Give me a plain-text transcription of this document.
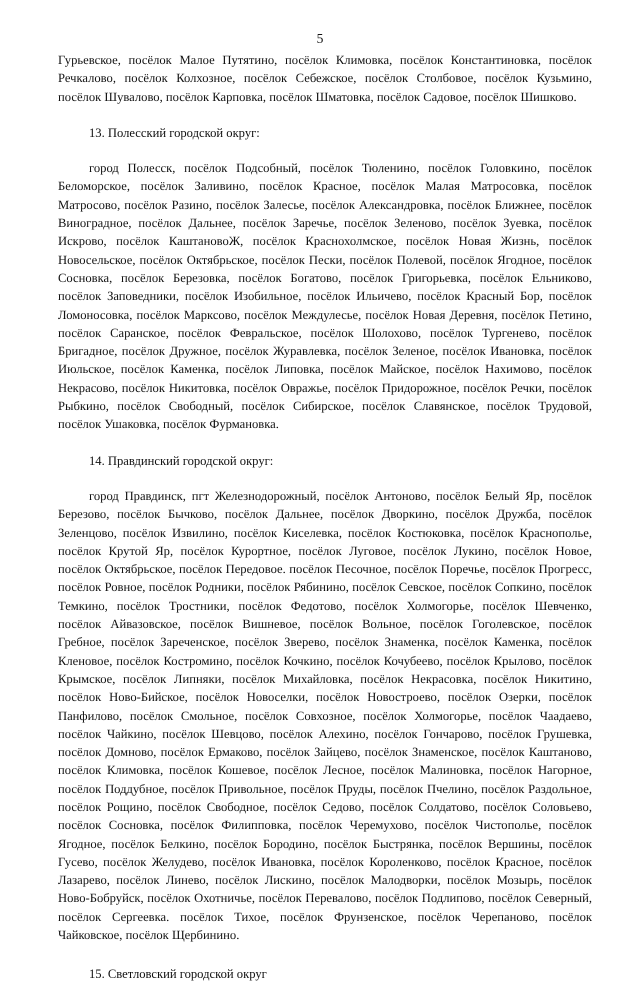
5

Гурьевское, посёлок Малое Путятино, посёлок Климовка, посёлок Константиновка, посёлок Речкалово, посёлок Колхозное, посёлок Себежское, посёлок Столбовое, посёлок Кузьмино, посёлок Шувалово, посёлок Карповка, посёлок Шматовка, посёлок Садовое, посёлок Шишково.

13. Полесский городской округ:

город Полесск, посёлок Подсобный, посёлок Тюленино, посёлок Головкино, посёлок Беломорское, посёлок Заливино, посёлок Красное, посёлок Малая Матросовка, посёлок Матросово, посёлок Разино, посёлок Залесье, посёлок Александровка, посёлок Ближнее, посёлок Виноградное, посёлок Дальнее, посёлок Заречье, посёлок Зеленово, посёлок Зуевка, посёлок Искрово, посёлок КаштановоЖ, посёлок Краснохолмское, посёлок Новая Жизнь, посёлок Новосельское, посёлок Октябрьское, посёлок Пески, посёлок Полевой, посёлок Ягодное, посёлок Сосновка, посёлок Березовка, посёлок Богатово, посёлок Григорьевка, посёлок Ельниково, посёлок Заповедники, посёлок Изобильное, посёлок Ильичево, посёлок Красный Бор, посёлок Ломоносовка, посёлок Марксово, посёлок Междулесье, посёлок Новая Деревня, посёлок Петино, посёлок Саранское, посёлок Февральское, посёлок Шолохово, посёлок Тургенево, посёлок Бригадное, посёлок Дружное, посёлок Журавлевка, посёлок Зеленое, посёлок Ивановка, посёлок Июльское, посёлок Каменка, посёлок Липовка, посёлок Майское, посёлок Нахимово, посёлок Некрасово, посёлок Никитовка, посёлок Овражье, посёлок Придорожное, посёлок Речки, посёлок Рыбкино, посёлок Свободный, посёлок Сибирское, посёлок Славянское, посёлок Трудовой, посёлок Ушаковка, посёлок Фурмановка.

14. Правдинский городской округ:

город Правдинск, пгт Железнодорожный, посёлок Антоново, посёлок Белый Яр, посёлок Березово, посёлок Бычково, посёлок Дальнее, посёлок Дворкино, посёлок Дружба, посёлок Зеленцово, посёлок Извилино, посёлок Киселевка, посёлок Костюковка, посёлок Краснополье, посёлок Крутой Яр, посёлок Курортное, посёлок Луговое, посёлок Лукино, посёлок Новое, посёлок Октябрьское, посёлок Передовое. посёлок Песочное, посёлок Поречье, посёлок Прогресс, посёлок Ровное, посёлок Родники, посёлок Рябинино, посёлок Севское, посёлок Сопкино, посёлок Темкино, посёлок Тростники, посёлок Федотово, посёлок Холмогорье, посёлок Шевченко, посёлок Айвазовское, посёлок Вишневое, посёлок Вольное, посёлок Гоголевское, посёлок Гребное, посёлок Зареченское, посёлок Зверево, посёлок Знаменка, посёлок Каменка, посёлок Кленовое, посёлок Костромино, посёлок Кочкино, посёлок Кочубеево, посёлок Крылово, посёлок Крымское, посёлок Липняки, посёлок Михайловка, посёлок Некрасовка, посёлок Никитино, посёлок Ново-Бийское, посёлок Новоселки, посёлок Новостроево, посёлок Озерки, посёлок Панфилово, посёлок Смольное, посёлок Совхозное, посёлок Холмогорье, посёлок Чаадаево, посёлок Чайкино, посёлок Шевцово, посёлок Алехино, посёлок Гончарово, посёлок Грушевка, посёлок Домново, посёлок Ермаково, посёлок Зайцево, посёлок Знаменское, посёлок Каштаново, посёлок Климовка, посёлок Кошевое, посёлок Лесное, посёлок Малиновка, посёлок Нагорное, посёлок Поддубное, посёлок Привольное, посёлок Пруды, посёлок Пчелино, посёлок Раздольное, посёлок Рощино, посёлок Свободное, посёлок Седово, посёлок Солдатово, посёлок Соловьево, посёлок Сосновка, посёлок Филипповка, посёлок Черемухово, посёлок Чистополье, посёлок Ягодное, посёлок Белкино, посёлок Бородино, посёлок Быстрянка, посёлок Вершины, посёлок Гусево, посёлок Желудево, посёлок Ивановка, посёлок Короленково, посёлок Красное, посёлок Лазарево, посёлок Линево, посёлок Лискино, посёлок Малодворки, посёлок Мозырь, посёлок Ново-Бобруйск, посёлок Охотничье, посёлок Перевалово, посёлок Подлипово, посёлок Северный, посёлок Сергеевка. посёлок Тихое, посёлок Фрунзенское, посёлок Черепаново, посёлок Чайковское, посёлок Щербинино.

15. Светловский городской округ
